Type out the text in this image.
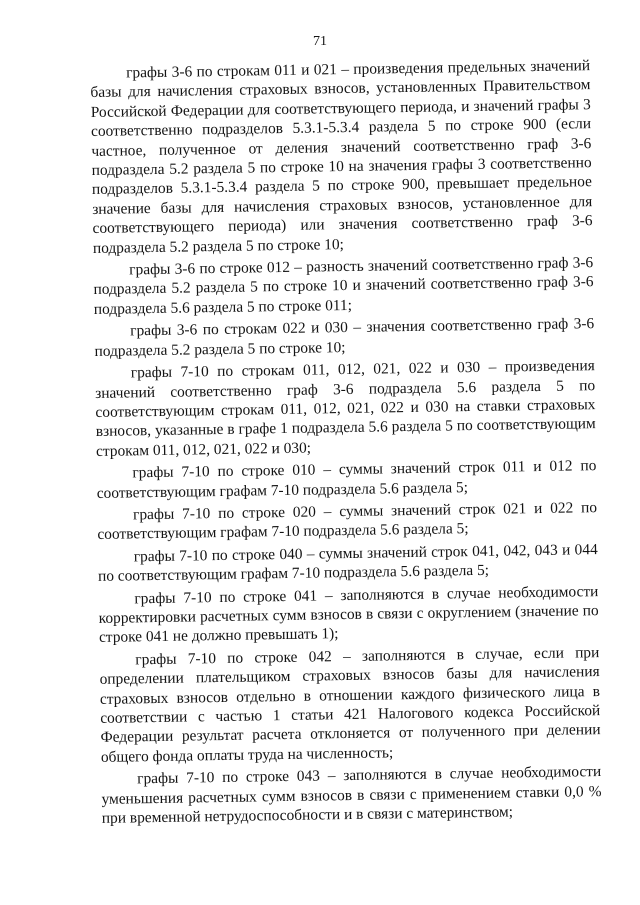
71

графы 3-6 по строкам 011 и 021 – произведения предельных значений базы для начисления страховых взносов, установленных Правительством Российской Федерации для соответствующего периода, и значений графы 3 соответственно подразделов 5.3.1-5.3.4 раздела 5 по строке 900 (если частное, полученное от деления значений соответственно граф 3-6 подраздела 5.2 раздела 5 по строке 10 на значения графы 3 соответственно подразделов 5.3.1-5.3.4 раздела 5 по строке 900, превышает предельное значение базы для начисления страховых взносов, установленное для соответствующего периода) или значения соответственно граф 3-6 подраздела 5.2 раздела 5 по строке 10;

графы 3-6 по строке 012 – разность значений соответственно граф 3-6 подраздела 5.2 раздела 5 по строке 10 и значений соответственно граф 3-6 подраздела 5.6 раздела 5 по строке 011;

графы 3-6 по строкам 022 и 030 – значения соответственно граф 3-6 подраздела 5.2 раздела 5 по строке 10;

графы 7-10 по строкам 011, 012, 021, 022 и 030 – произведения значений соответственно граф 3-6 подраздела 5.6 раздела 5 по соответствующим строкам 011, 012, 021, 022 и 030 на ставки страховых взносов, указанные в графе 1 подраздела 5.6 раздела 5 по соответствующим строкам 011, 012, 021, 022 и 030;

графы 7-10 по строке 010 – суммы значений строк 011 и 012 по соответствующим графам 7-10 подраздела 5.6 раздела 5;

графы 7-10 по строке 020 – суммы значений строк 021 и 022 по соответствующим графам 7-10 подраздела 5.6 раздела 5;

графы 7-10 по строке 040 – суммы значений строк 041, 042, 043 и 044 по соответствующим графам 7-10 подраздела 5.6 раздела 5;

графы 7-10 по строке 041 – заполняются в случае необходимости корректировки расчетных сумм взносов в связи с округлением (значение по строке 041 не должно превышать 1);

графы 7-10 по строке 042 – заполняются в случае, если при определении плательщиком страховых взносов базы для начисления страховых взносов отдельно в отношении каждого физического лица в соответствии с частью 1 статьи 421 Налогового кодекса Российской Федерации результат расчета отклоняется от полученного при делении общего фонда оплаты труда на численность;

графы 7-10 по строке 043 – заполняются в случае необходимости уменьшения расчетных сумм взносов в связи с применением ставки 0,0 % при временной нетрудоспособности и в связи с материнством;
